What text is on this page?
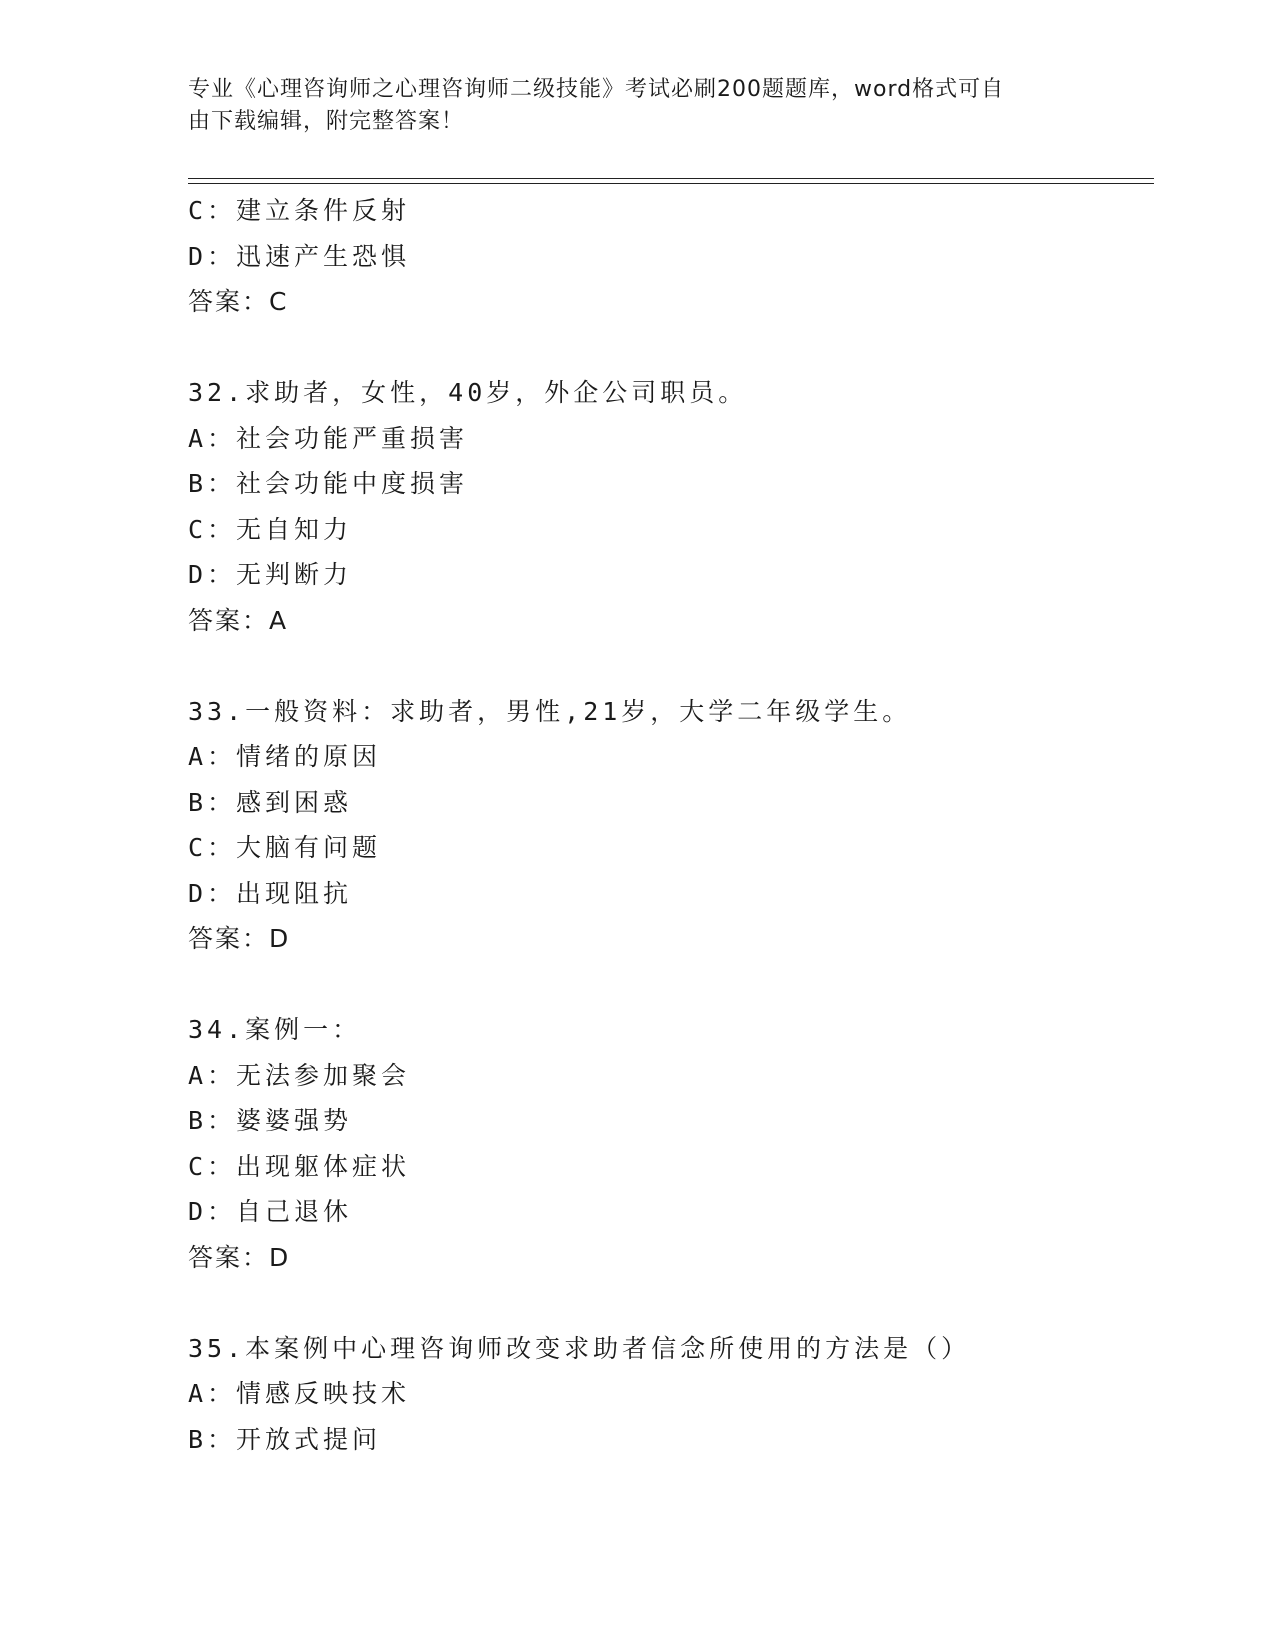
专业《心理咨询师之心理咨询师二级技能》考试必刷200题题库，word格式可自
由下载编辑，附完整答案！
C：建立条件反射
D：迅速产生恐惧
答案：C
32.求助者，女性，40岁，外企公司职员。
A：社会功能严重损害
B：社会功能中度损害
C：无自知力
D：无判断力
答案：A
33.一般资料：求助者，男性,21岁，大学二年级学生。
A：情绪的原因
B：感到困惑
C：大脑有问题
D：出现阻抗
答案：D
34.案例一：
A：无法参加聚会
B：婆婆强势
C：出现躯体症状
D：自己退休
答案：D
35.本案例中心理咨询师改变求助者信念所使用的方法是（）
A：情感反映技术
B：开放式提问
